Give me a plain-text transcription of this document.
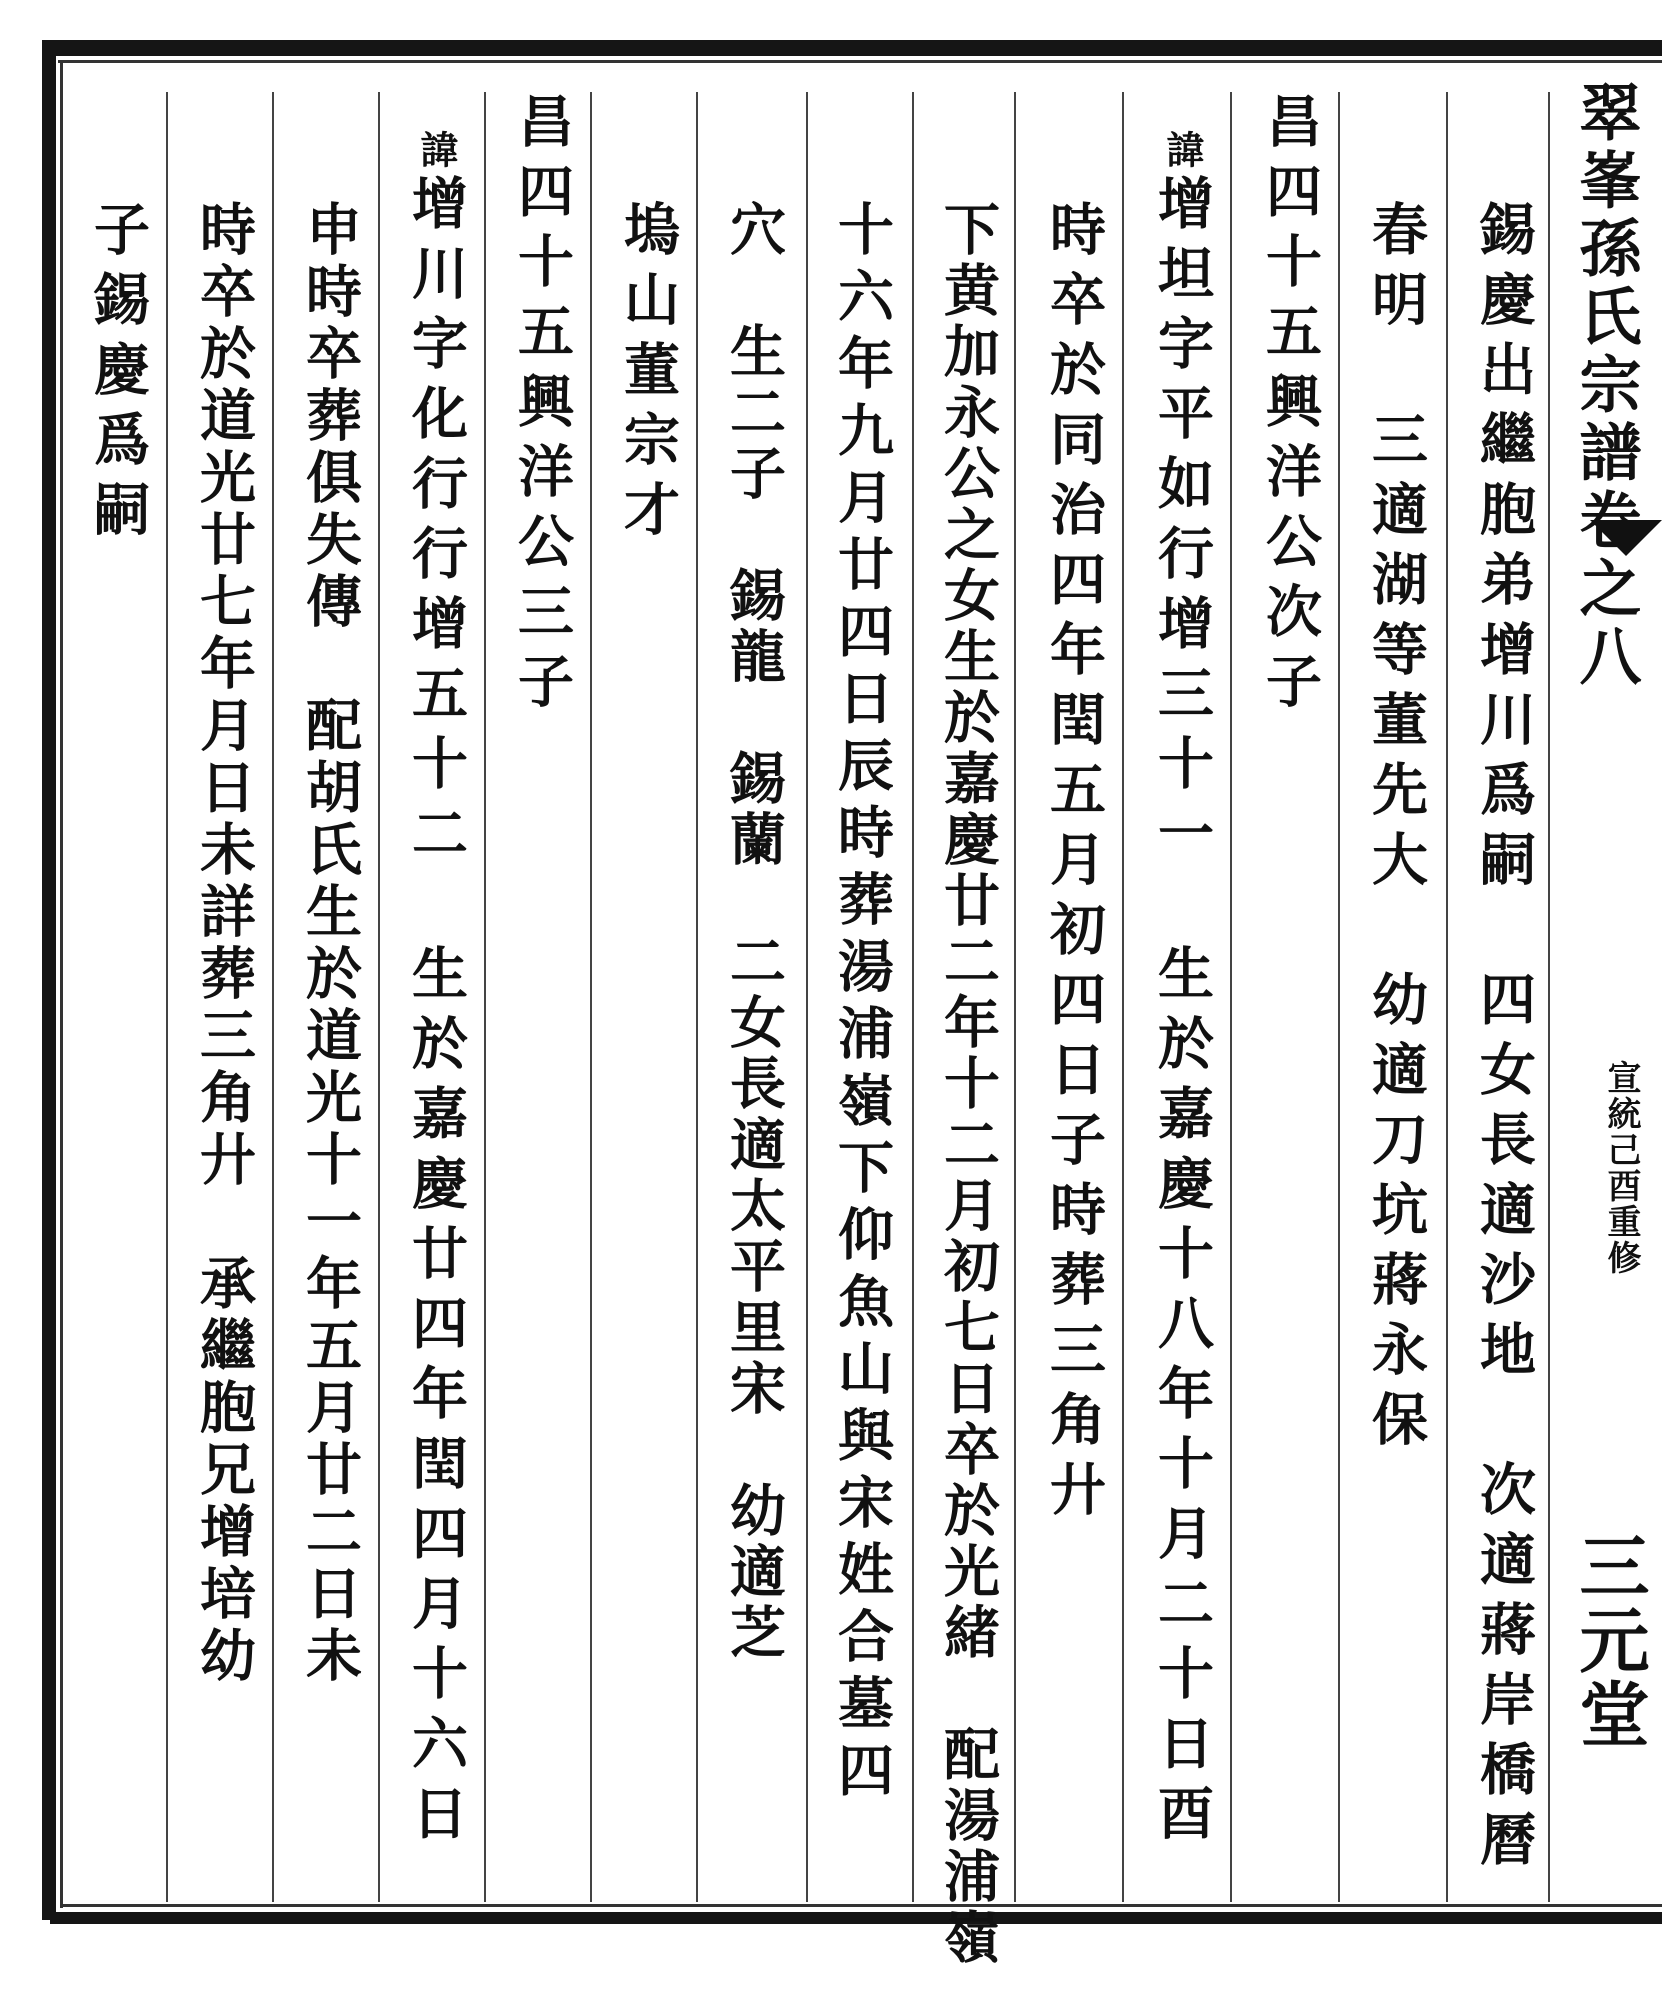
翠峯孫氏宗譜卷之八
宣統己酉重修
三元堂
錫慶出繼胞弟增川爲嗣　四女長適沙地　次適蔣岸橋曆
春明　三適湖等董先大　幼適刀坑蔣永保
昌四十五興洋公次子
諱增坦字平如行增三十一　生於嘉慶十八年十月二十日酉
時卒於同治四年閏五月初四日子時葬三角廾
下黄加永公之女生於嘉慶廿二年十二月初七日卒於光緒　配湯浦嶺
十六年九月廿四日辰時葬湯浦嶺下仰魚山與宋姓合墓四
穴　生二子　錫龍　錫蘭　二女長適太平里宋　幼適芝
塢山董宗才
昌四十五興洋公三子
諱增川字化行行增五十二　生於嘉慶廿四年閏四月十六日
申時卒葬俱失傳　配胡氏生於道光十一年五月廿二日未
時卒於道光廿七年月日未詳葬三角廾　承繼胞兄增培幼
子錫慶爲嗣
